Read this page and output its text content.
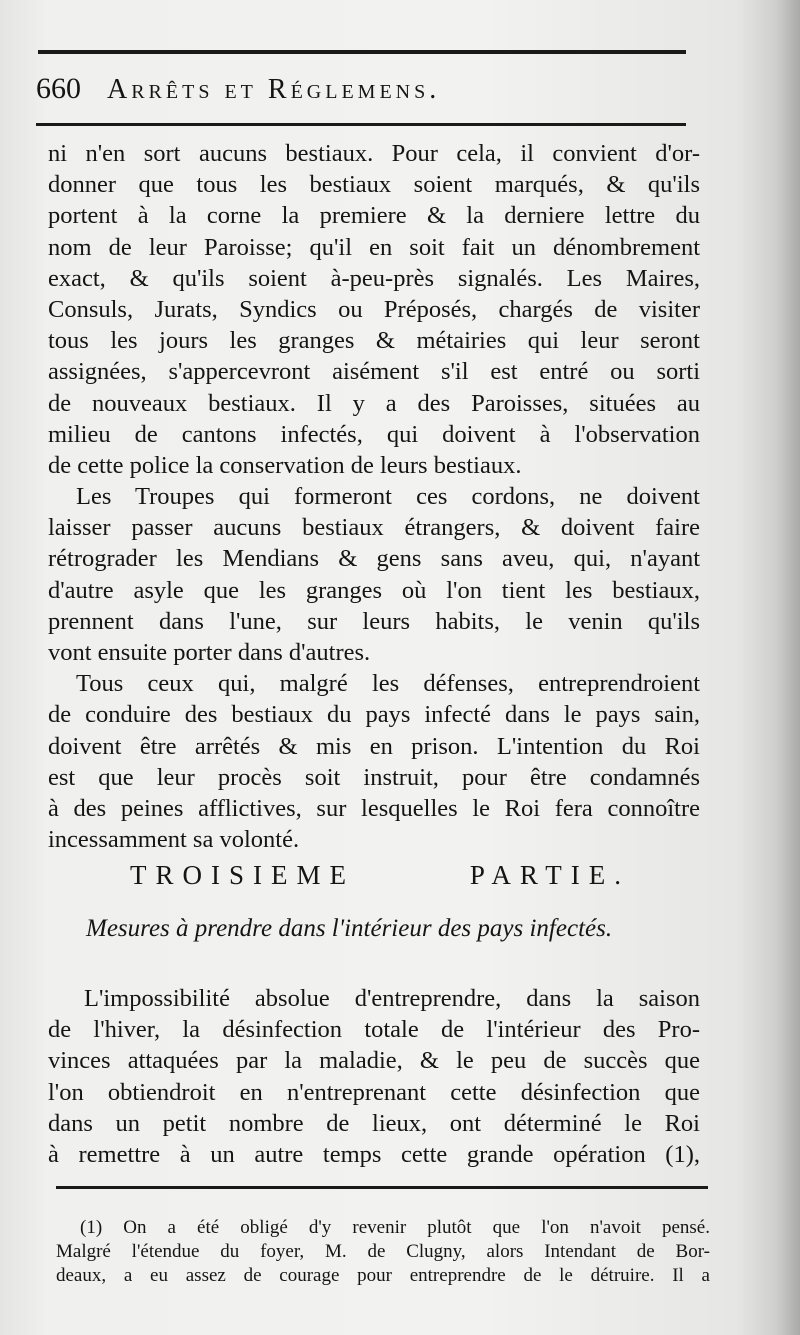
660 Arrêts et Réglemens.
ni n'en sort aucuns bestiaux. Pour cela, il convient d'or-
donner que tous les bestiaux soient marqués, & qu'ils
portent à la corne la premiere & la derniere lettre du
nom de leur Paroisse; qu'il en soit fait un dénombrement
exact, & qu'ils soient à-peu-près signalés. Les Maires,
Consuls, Jurats, Syndics ou Préposés, chargés de visiter
tous les jours les granges & métairies qui leur seront
assignées, s'appercevront aisément s'il est entré ou sorti
de nouveaux bestiaux. Il y a des Paroisses, situées au
milieu de cantons infectés, qui doivent à l'observation
de cette police la conservation de leurs bestiaux.
Les Troupes qui formeront ces cordons, ne doivent
laisser passer aucuns bestiaux étrangers, & doivent faire
rétrograder les Mendians & gens sans aveu, qui, n'ayant
d'autre asyle que les granges où l'on tient les bestiaux,
prennent dans l'une, sur leurs habits, le venin qu'ils
vont ensuite porter dans d'autres.
Tous ceux qui, malgré les défenses, entreprendroient
de conduire des bestiaux du pays infecté dans le pays sain,
doivent être arrêtés & mis en prison. L'intention du Roi
est que leur procès soit instruit, pour être condamnés
à des peines afflictives, sur lesquelles le Roi fera connoître
incessamment sa volonté.
TROISIEME PARTIE.
Mesures à prendre dans l'intérieur des pays infectés.
L'impossibilité absolue d'entreprendre, dans la saison
de l'hiver, la désinfection totale de l'intérieur des Pro-
vinces attaquées par la maladie, & le peu de succès que
l'on obtiendroit en n'entreprenant cette désinfection que
dans un petit nombre de lieux, ont déterminé le Roi
à remettre à un autre temps cette grande opération (1),
(1) On a été obligé d'y revenir plutôt que l'on n'avoit pensé.
Malgré l'étendue du foyer, M. de Clugny, alors Intendant de Bor-
deaux, a eu assez de courage pour entreprendre de le détruire. Il a
